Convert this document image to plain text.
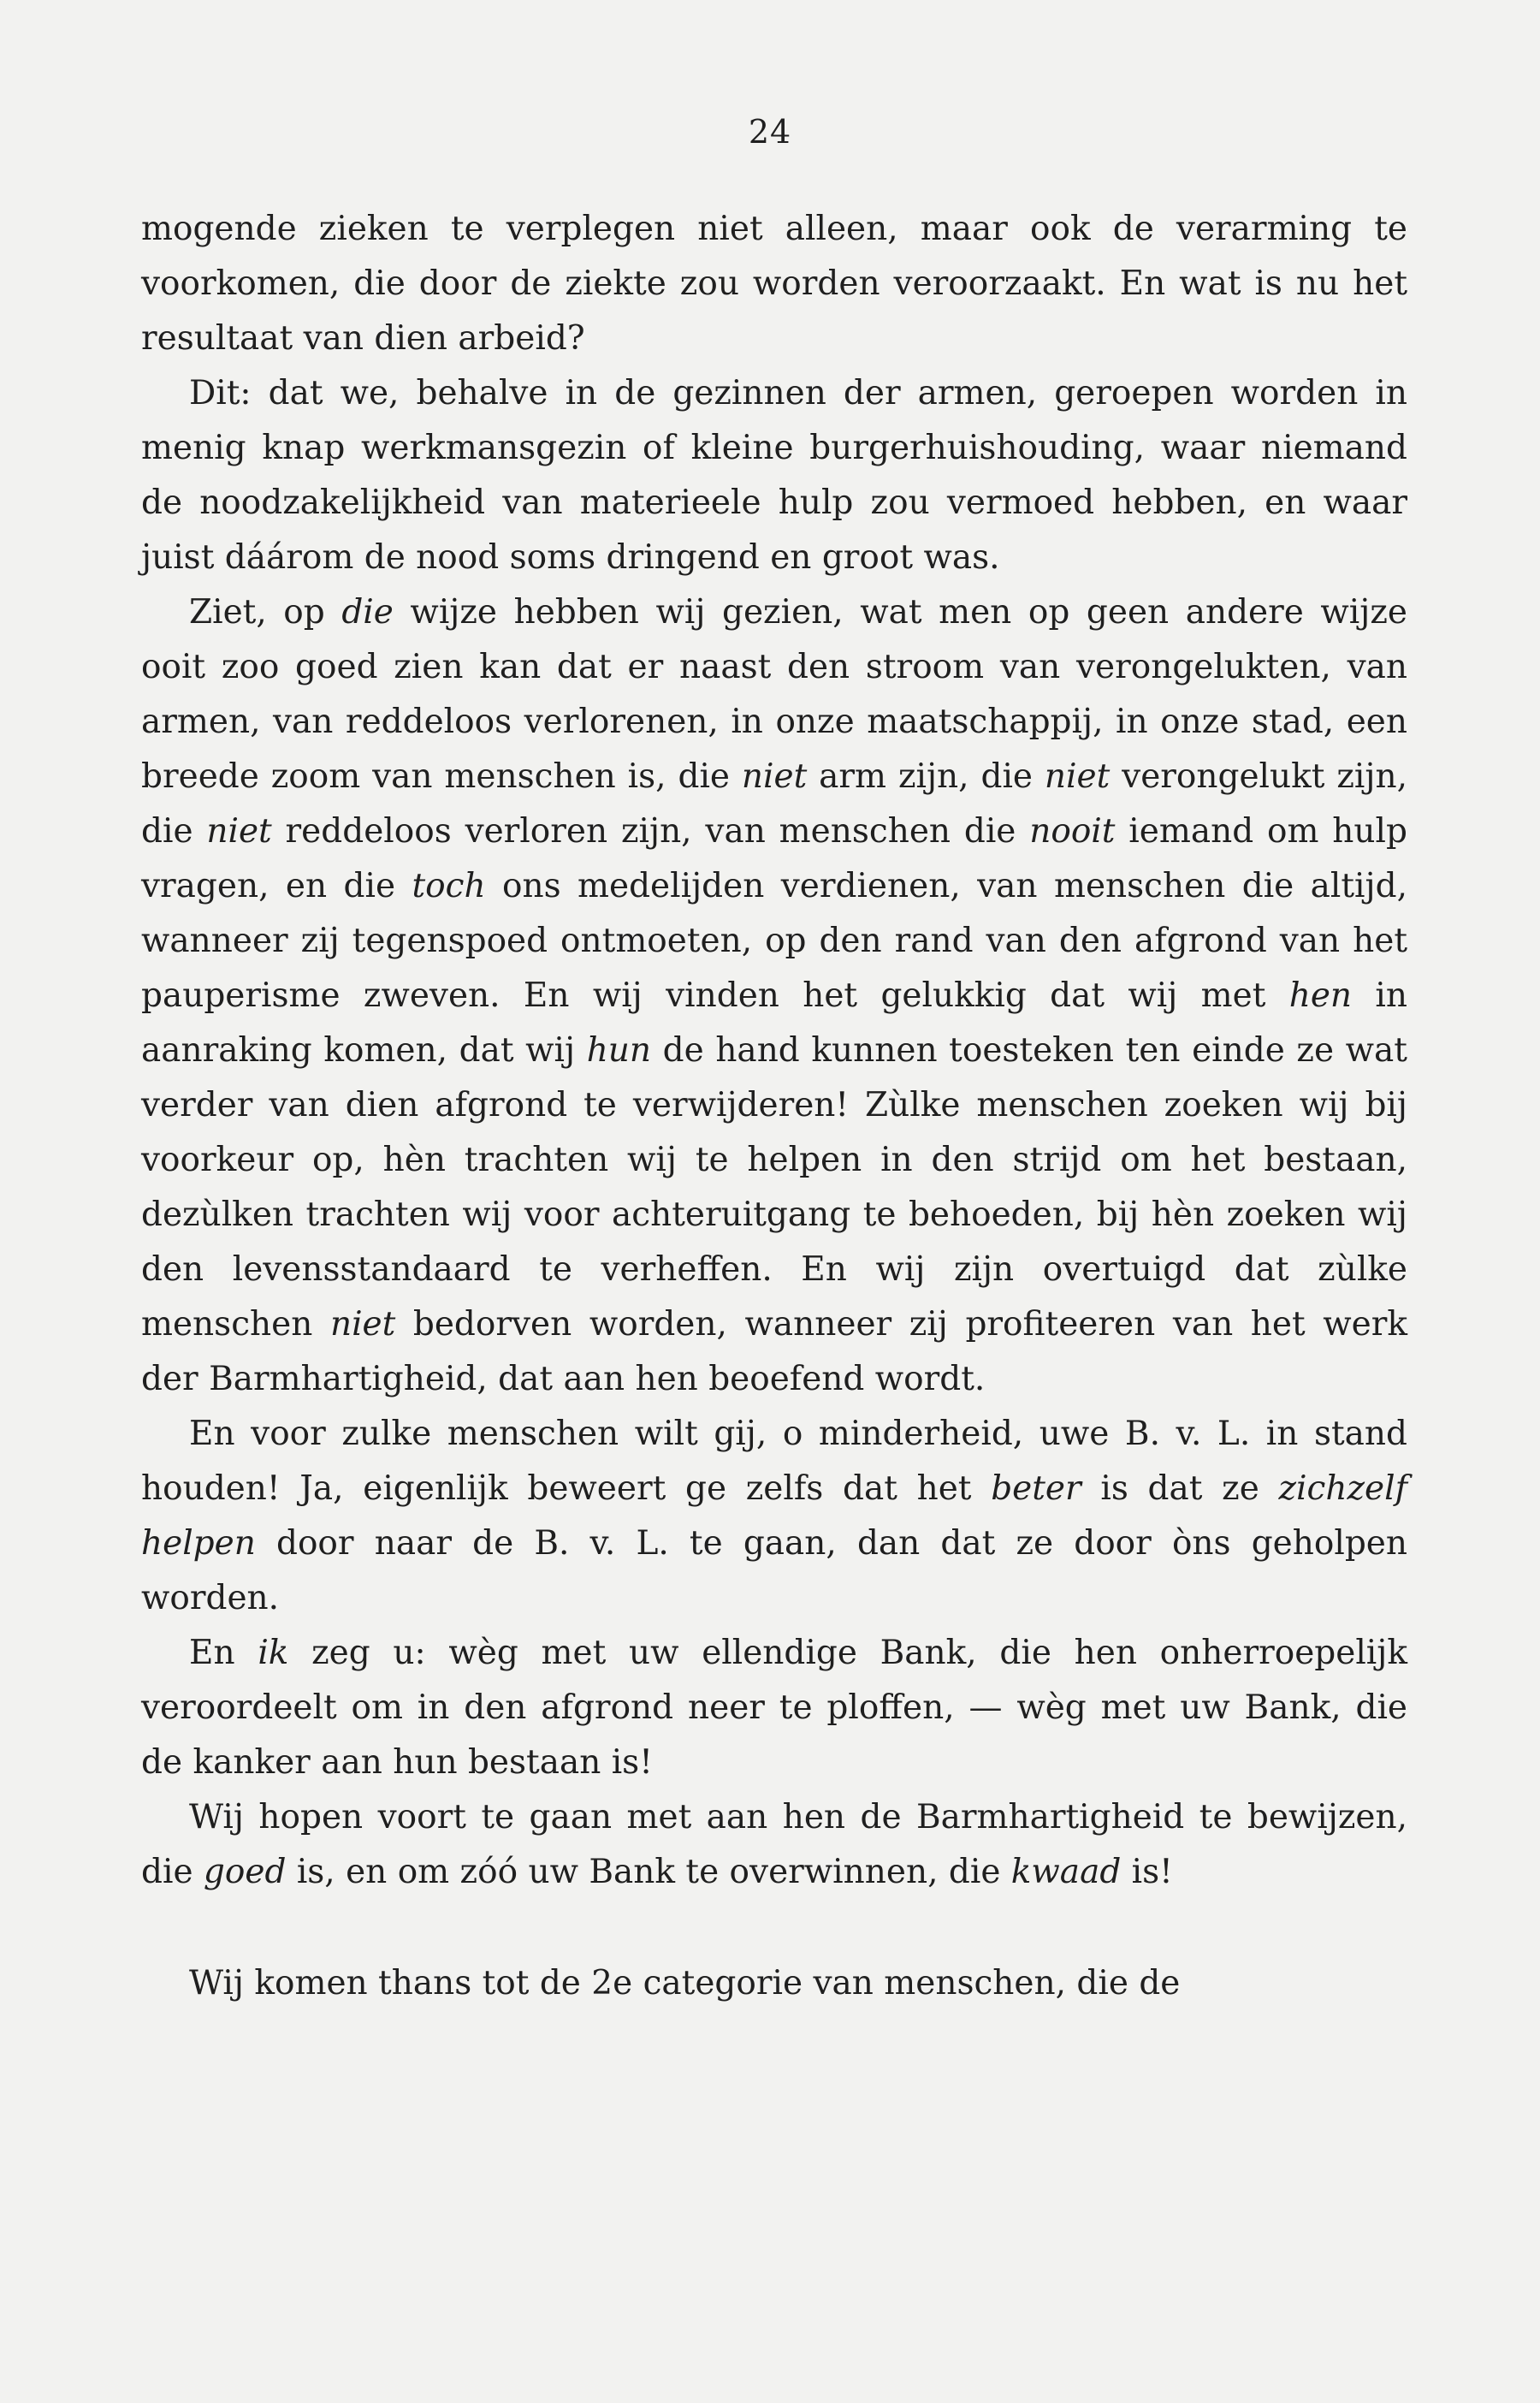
24

mogende zieken te verplegen niet alleen, maar ook de verarming te voorkomen, die door de ziekte zou worden veroorzaakt. En wat is nu het resultaat van dien arbeid?

Dit: dat we, behalve in de gezinnen der armen, geroepen worden in menig knap werkmansgezin of kleine burgerhuishouding, waar niemand de noodzakelijkheid van materieele hulp zou vermoed hebben, en waar juist dáárom de nood soms dringend en groot was.

Ziet, op die wijze hebben wij gezien, wat men op geen andere wijze ooit zoo goed zien kan dat er naast den stroom van verongelukten, van armen, van reddeloos verlorenen, in onze maatschappij, in onze stad, een breede zoom van menschen is, die niet arm zijn, die niet verongelukt zijn, die niet reddeloos verloren zijn, van menschen die nooit iemand om hulp vragen, en die toch ons medelijden verdienen, van menschen die altijd, wanneer zij tegenspoed ontmoeten, op den rand van den afgrond van het pauperisme zweven. En wij vinden het gelukkig dat wij met hen in aanraking komen, dat wij hun de hand kunnen toesteken ten einde ze wat verder van dien afgrond te verwijderen! Zùlke menschen zoeken wij bij voorkeur op, hèn trachten wij te helpen in den strijd om het bestaan, dezùlken trachten wij voor achteruitgang te behoeden, bij hèn zoeken wij den levensstandaard te verheffen. En wij zijn overtuigd dat zùlke menschen niet bedorven worden, wanneer zij profiteeren van het werk der Barmhartigheid, dat aan hen beoefend wordt.

En voor zulke menschen wilt gij, o minderheid, uwe B. v. L. in stand houden! Ja, eigenlijk beweert ge zelfs dat het beter is dat ze zichzelf helpen door naar de B. v. L. te gaan, dan dat ze door òns geholpen worden.

En ik zeg u: wèg met uw ellendige Bank, die hen onherroepelijk veroordeelt om in den afgrond neer te ploffen, — wèg met uw Bank, die de kanker aan hun bestaan is!

Wij hopen voort te gaan met aan hen de Barmhartigheid te bewijzen, die goed is, en om zóó uw Bank te overwinnen, die kwaad is!

Wij komen thans tot de 2e categorie van menschen, die de
